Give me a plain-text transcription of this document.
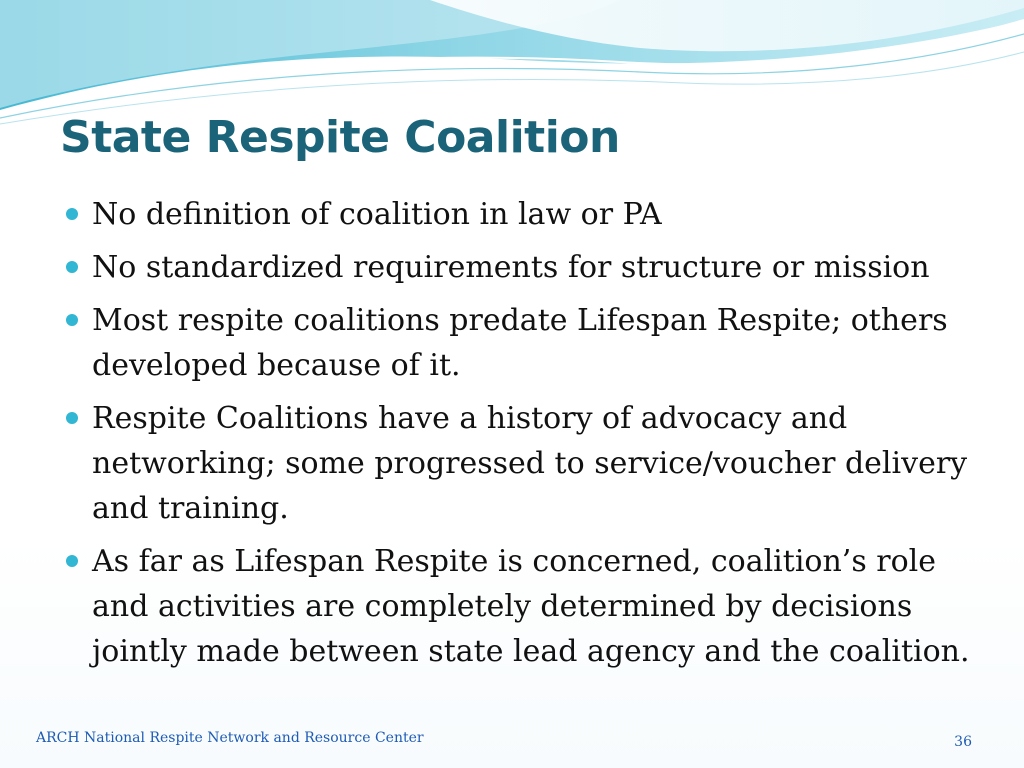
State Respite Coalition
No definition of coalition in law or PA
No standardized requirements for structure or mission
Most respite coalitions predate Lifespan Respite; others developed because of it.
Respite Coalitions have a history of advocacy and networking; some progressed to service/voucher delivery and training.
As far as Lifespan Respite is concerned, coalition’s role and activities are completely determined by decisions jointly made between state lead agency and the coalition.
ARCH National Respite Network and Resource Center	36
